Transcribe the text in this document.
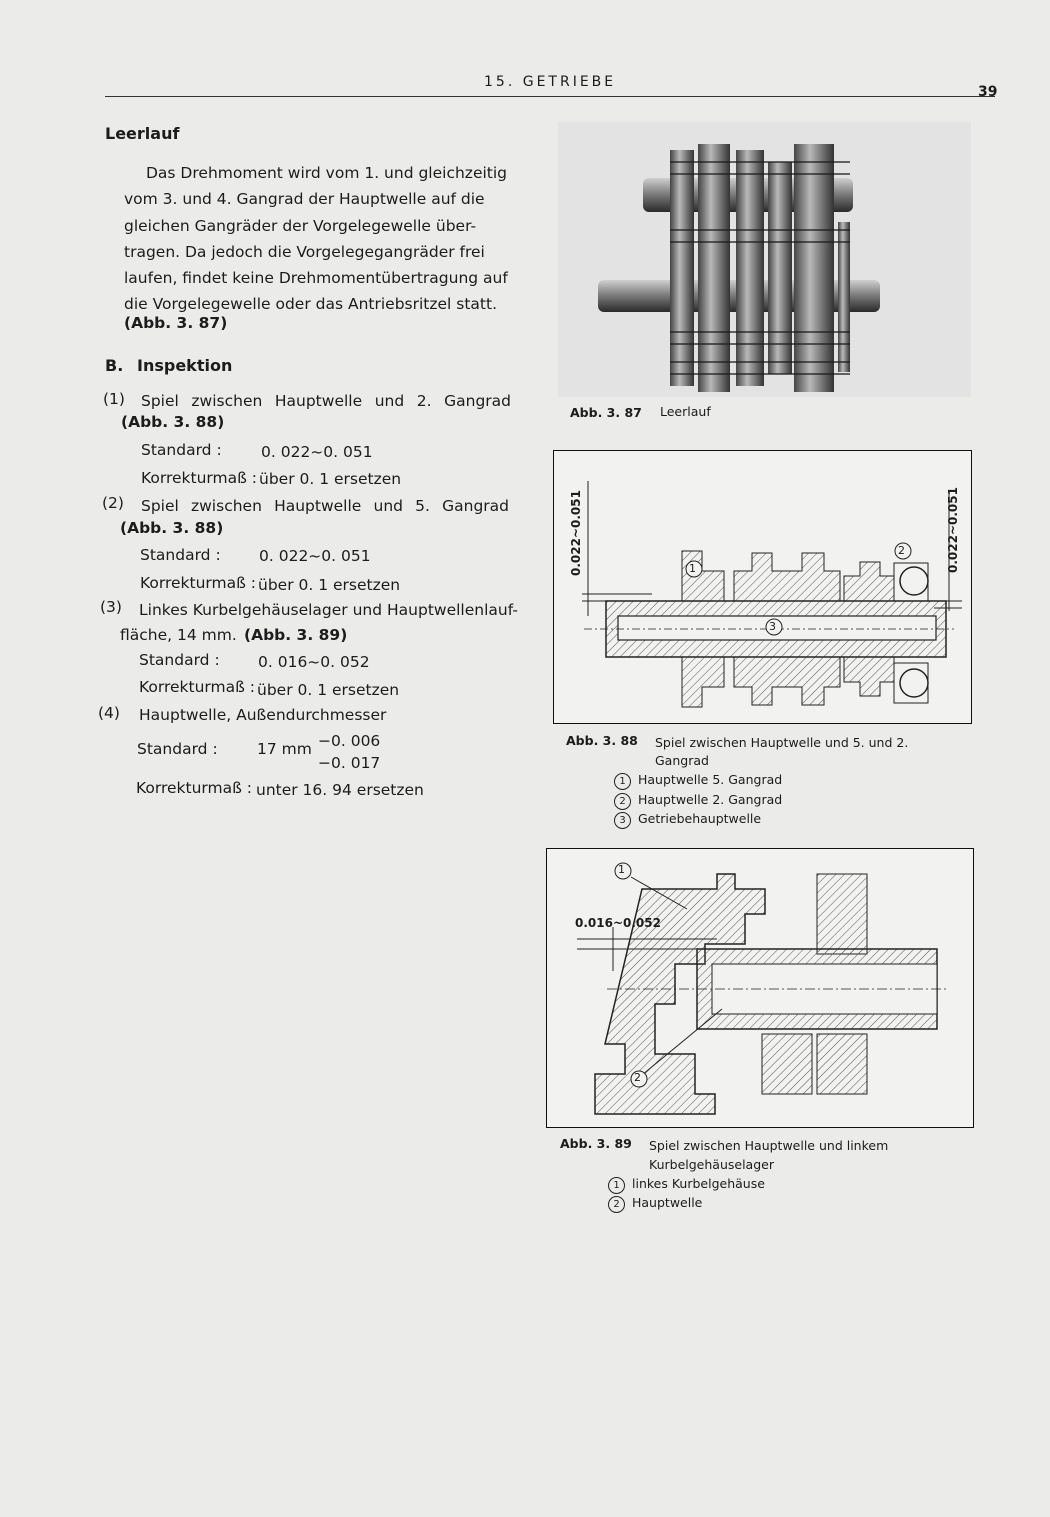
15. GETRIEBE
39
Leerlauf
Das Drehmoment wird vom 1. und gleichzeitig
vom 3. und 4. Gangrad der Hauptwelle auf die
gleichen Gangräder der Vorgelegewelle über-
tragen. Da jedoch die Vorgelegegangräder frei
laufen, findet keine Drehmomentübertragung auf
die Vorgelegewelle oder das Antriebsritzel statt.
(Abb. 3. 87)
B. Inspektion
(1) Spiel zwischen Hauptwelle und 2. Gangrad
(Abb. 3. 88)
Standard :	0. 022~0. 051
Korrekturmaß : über 0. 1 ersetzen
(2) Spiel zwischen Hauptwelle und 5. Gangrad
(Abb. 3. 88)
Standard : 0. 022~0. 051
Korrekturmaß : über 0. 1 ersetzen
(3) Linkes Kurbelgehäuselager und Hauptwellenlauf-
fläche, 14 mm. (Abb. 3. 89)
Standard : 0. 016~0. 052
Korrekturmaß : über 0. 1 ersetzen
(4) Hauptwelle, Außendurchmesser
Standard :	17 mm −0. 006
−0. 017
Korrekturmaß : unter 16. 94 ersetzen
Abb. 3. 87 Leerlauf
0.022~0.051	0.022~0.051
1
2
3
Abb. 3. 88 Spiel zwischen Hauptwelle und 5. und 2.
Gangrad
1 Hauptwelle 5. Gangrad
2 Hauptwelle 2. Gangrad
3 Getriebehauptwelle
0.016~0.052
1
2
Abb. 3. 89 Spiel zwischen Hauptwelle und linkem
Kurbelgehäuselager
1 linkes Kurbelgehäuse
2 Hauptwelle
